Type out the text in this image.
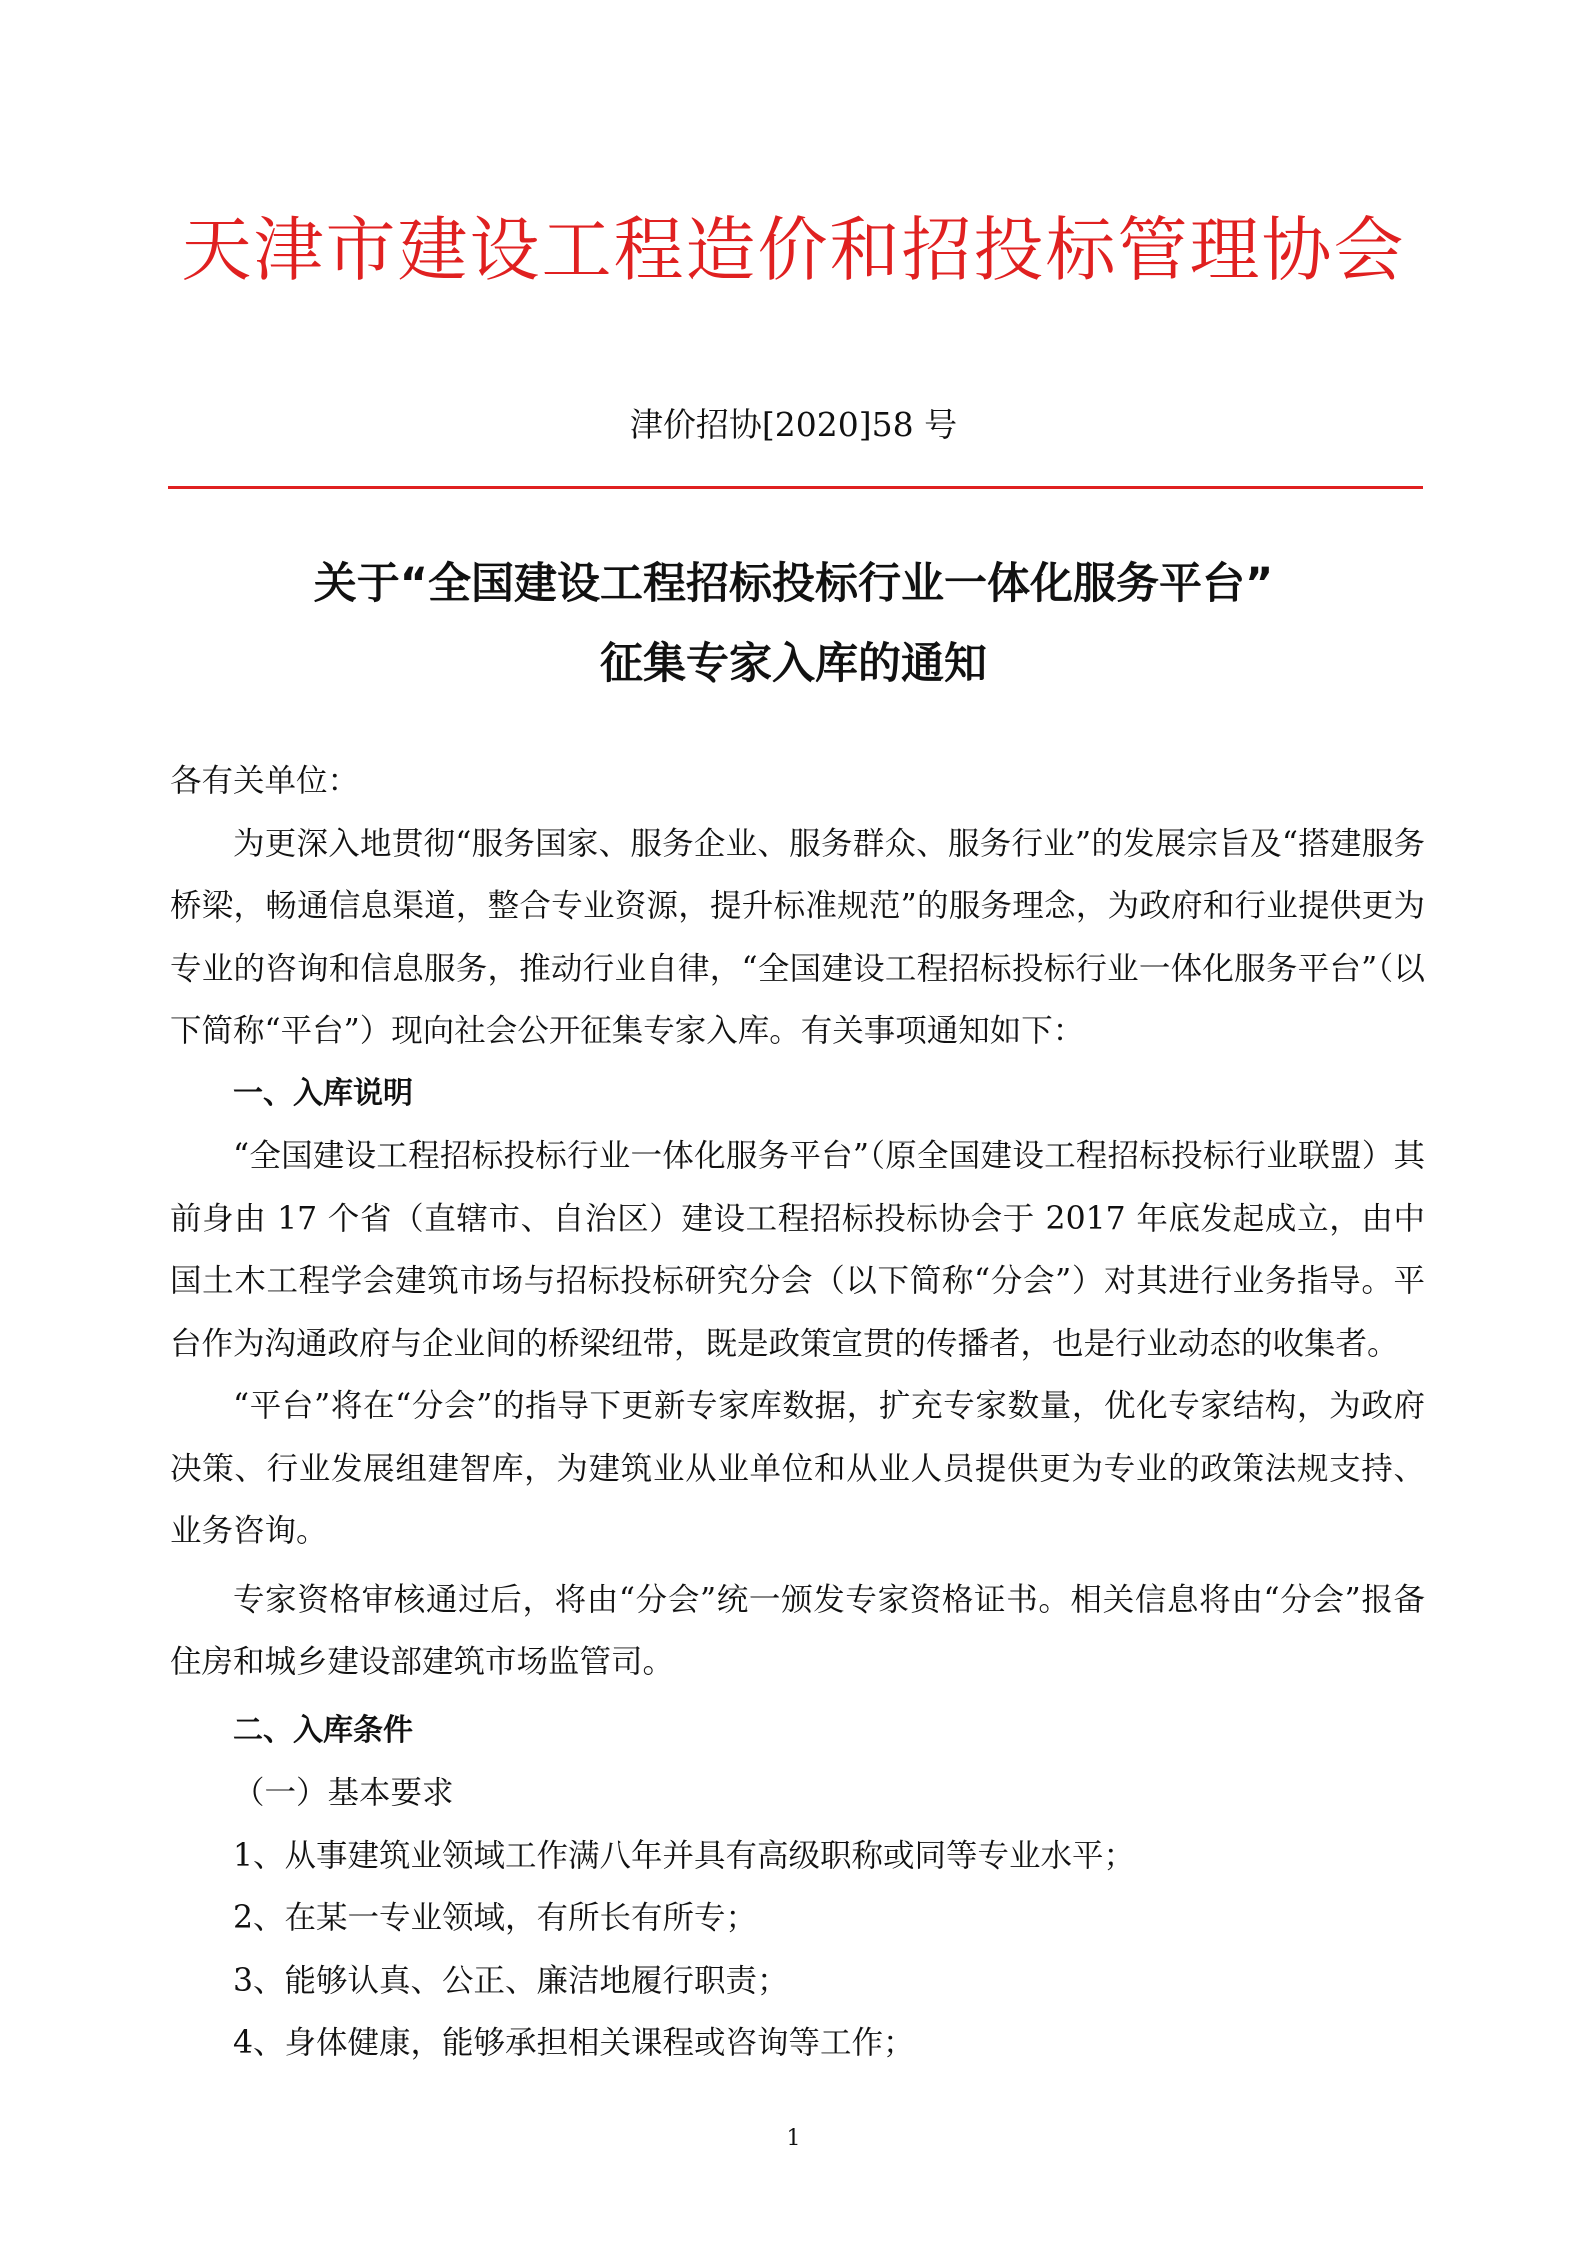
天津市建设工程造价和招投标管理协会
津价招协[2020]58 号
关于“全国建设工程招标投标行业一体化服务平台”
征集专家入库的通知

各有关单位：

为更深入地贯彻“服务国家、服务企业、服务群众、服务行业”的发展宗旨及“搭建服务桥梁，畅通信息渠道，整合专业资源，提升标准规范”的服务理念，为政府和行业提供更为专业的咨询和信息服务，推动行业自律，“全国建设工程招标投标行业一体化服务平台”（以下简称“平台”）现向社会公开征集专家入库。有关事项通知如下：

一、入库说明

“全国建设工程招标投标行业一体化服务平台”（原全国建设工程招标投标行业联盟）其前身由 17 个省（直辖市、自治区）建设工程招标投标协会于 2017 年底发起成立，由中国土木工程学会建筑市场与招标投标研究分会（以下简称“分会”）对其进行业务指导。平台作为沟通政府与企业间的桥梁纽带，既是政策宣贯的传播者，也是行业动态的收集者。

“平台”将在“分会”的指导下更新专家库数据，扩充专家数量，优化专家结构，为政府决策、行业发展组建智库，为建筑业从业单位和从业人员提供更为专业的政策法规支持、业务咨询。

专家资格审核通过后，将由“分会”统一颁发专家资格证书。相关信息将由“分会”报备住房和城乡建设部建筑市场监管司。

二、入库条件

（一）基本要求

1、从事建筑业领域工作满八年并具有高级职称或同等专业水平；

2、在某一专业领域，有所长有所专；

3、能够认真、公正、廉洁地履行职责；

4、身体健康，能够承担相关课程或咨询等工作；

1
